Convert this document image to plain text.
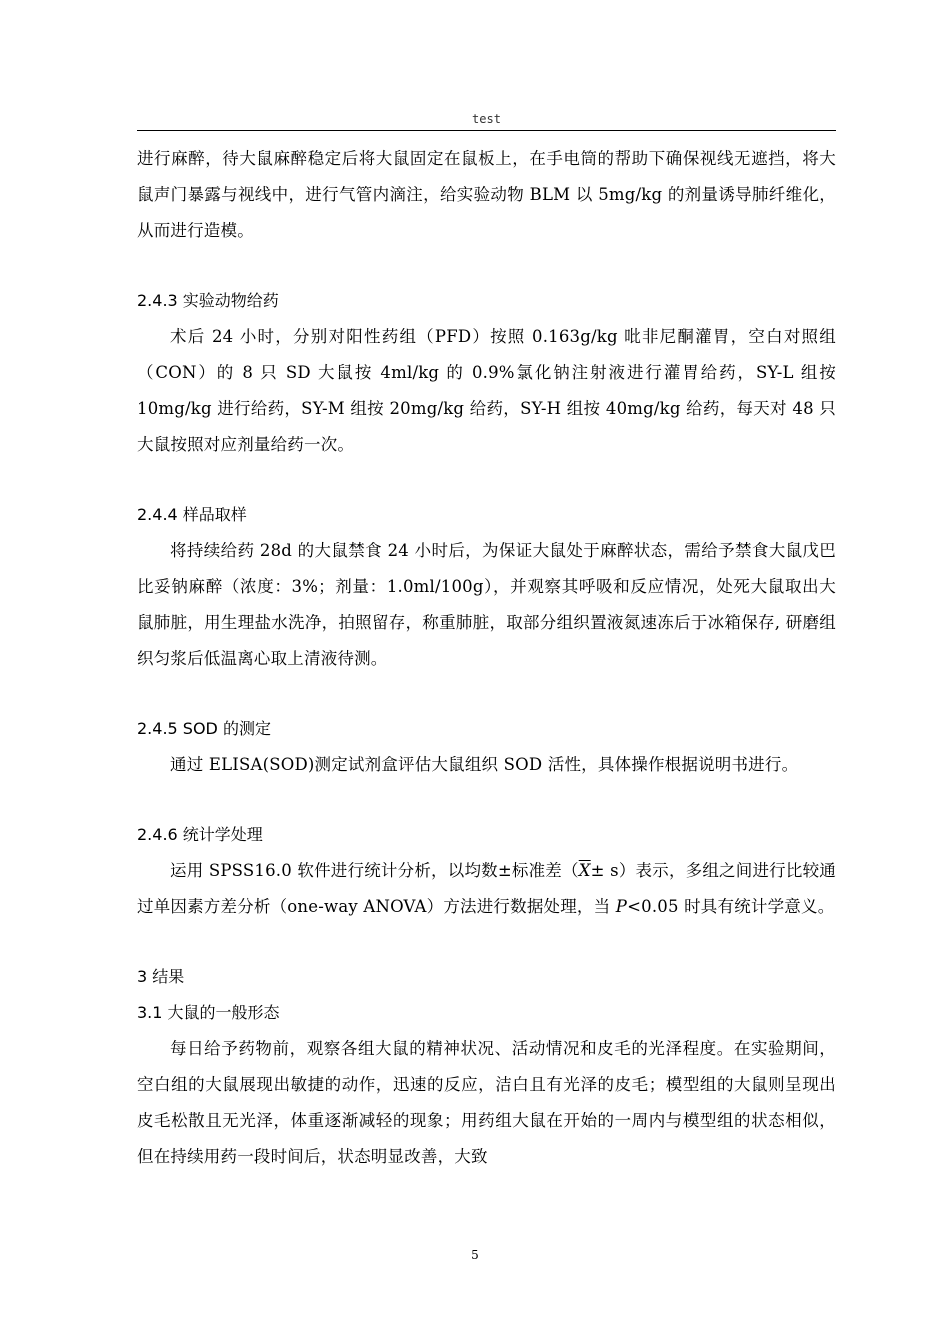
test

进行麻醉，待大鼠麻醉稳定后将大鼠固定在鼠板上，在手电筒的帮助下确保视线无遮挡，将大鼠声门暴露与视线中，进行气管内滴注，给实验动物 BLM 以 5mg/kg 的剂量诱导肺纤维化，从而进行造模。

2.4.3 实验动物给药

术后 24 小时，分别对阳性药组（PFD）按照 0.163g/kg 吡非尼酮灌胃，空白对照组（CON）的 8 只 SD 大鼠按 4ml/kg 的 0.9%氯化钠注射液进行灌胃给药，SY-L 组按 10mg/kg 进行给药，SY-M 组按 20mg/kg 给药，SY-H 组按 40mg/kg 给药，每天对 48 只大鼠按照对应剂量给药一次。

2.4.4 样品取样

将持续给药 28d 的大鼠禁食 24 小时后，为保证大鼠处于麻醉状态，需给予禁食大鼠戊巴比妥钠麻醉（浓度：3%；剂量：1.0ml/100g），并观察其呼吸和反应情况，处死大鼠取出大鼠肺脏，用生理盐水洗净，拍照留存，称重肺脏，取部分组织置液氮速冻后于冰箱保存, 研磨组织匀浆后低温离心取上清液待测。

2.4.5 SOD 的测定

通过 ELISA(SOD)测定试剂盒评估大鼠组织 SOD 活性，具体操作根据说明书进行。

2.4.6 统计学处理

运用 SPSS16.0 软件进行统计分析，以均数±标准差$(\overline{X}\pm s)$表示，多组之间进行比较通过单因素方差分析（one-way ANOVA）方法进行数据处理，当 P<0.05 时具有统计学意义。

3 结果
3.1 大鼠的一般形态

每日给予药物前，观察各组大鼠的精神状况、活动情况和皮毛的光泽程度。在实验期间，空白组的大鼠展现出敏捷的动作，迅速的反应，洁白且有光泽的皮毛；模型组的大鼠则呈现出皮毛松散且无光泽，体重逐渐减轻的现象；用药组大鼠在开始的一周内与模型组的状态相似，但在持续用药一段时间后，状态明显改善，大致

5
